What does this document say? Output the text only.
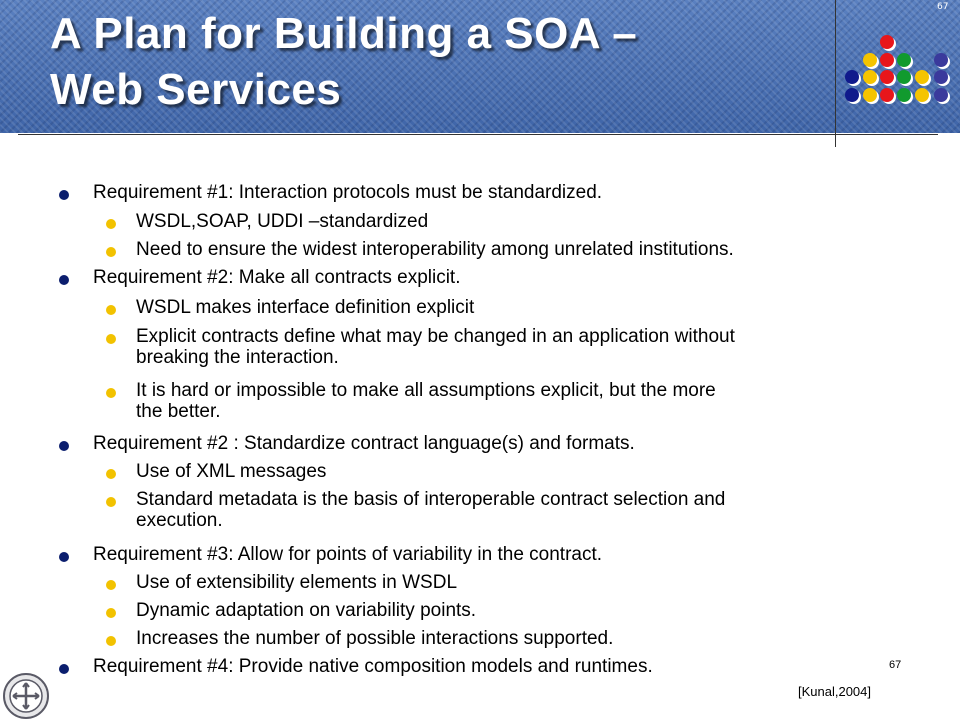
A Plan for Building a SOA –
Web Services
67
Requirement #1: Interaction protocols must be standardized.
WSDL,SOAP, UDDI –standardized
Need to ensure the widest interoperability among unrelated institutions.
Requirement #2: Make all contracts explicit.
WSDL makes interface definition explicit
Explicit contracts define what may be changed in an application without
breaking the interaction.
It is hard or impossible to make all assumptions explicit, but the more
the better.
Requirement #2 : Standardize contract language(s) and formats.
Use of XML messages
Standard metadata is the basis of interoperable contract selection and
execution.
Requirement #3: Allow for points of variability in the contract.
Use of extensibility elements in WSDL
Dynamic adaptation on variability points.
Increases the number of possible interactions supported.
Requirement #4: Provide native composition models and runtimes.	67
[Kunal,2004]
